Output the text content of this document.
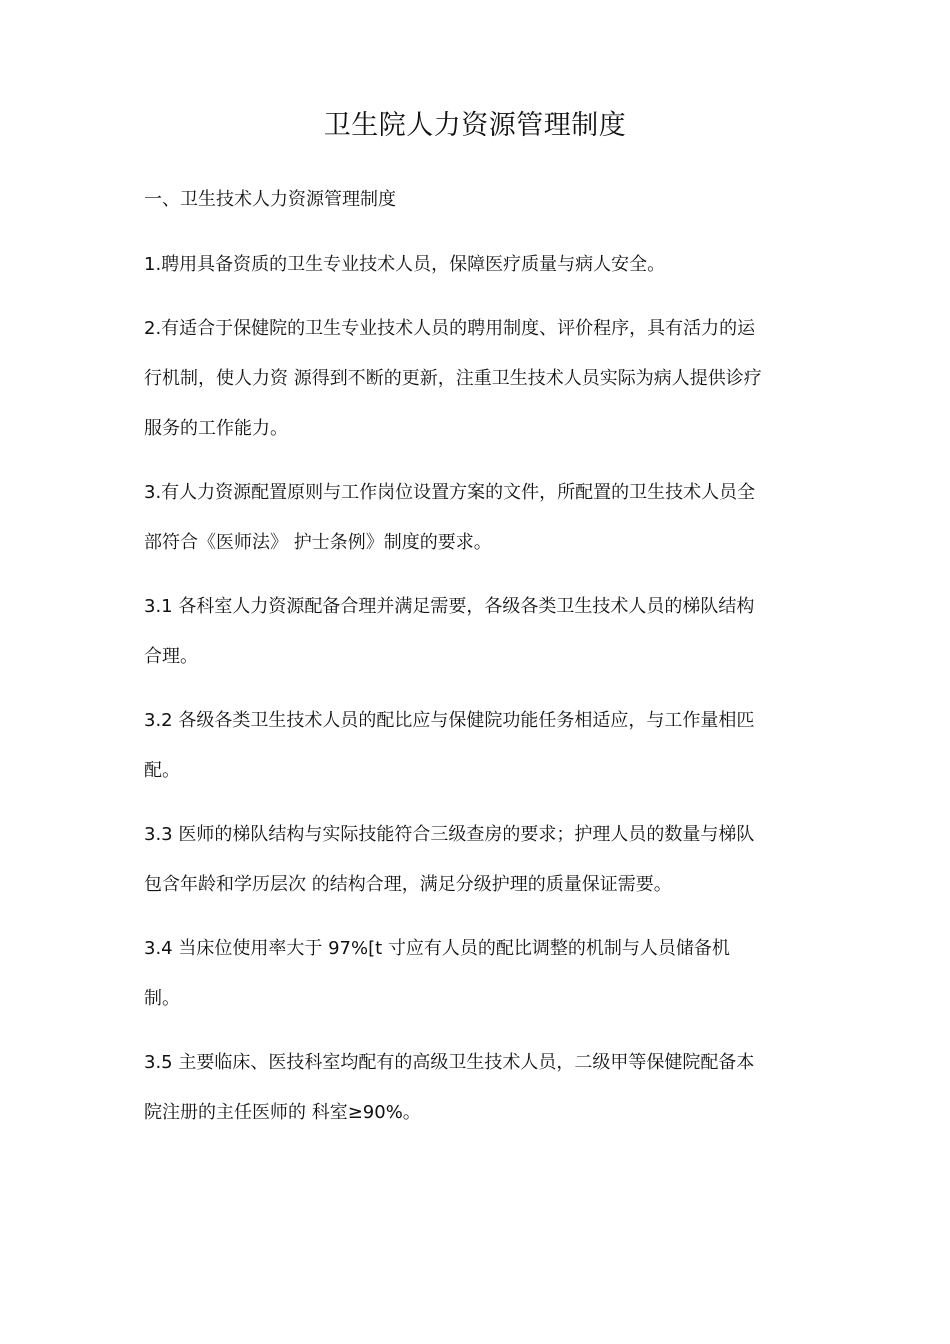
卫生院人力资源管理制度

一、卫生技术人力资源管理制度

1.聘用具备资质的卫生专业技术人员，保障医疗质量与病人安全。

2.有适合于保健院的卫生专业技术人员的聘用制度、评价程序，具有活力的运

行机制，使人力资 源得到不断的更新，注重卫生技术人员实际为病人提供诊疗

服务的工作能力。

3.有人力资源配置原则与工作岗位设置方案的文件，所配置的卫生技术人员全

部符合《医师法》 护士条例》制度的要求。

3.1 各科室人力资源配备合理并满足需要，各级各类卫生技术人员的梯队结构

合理。

3.2 各级各类卫生技术人员的配比应与保健院功能任务相适应，与工作量相匹

配。

3.3 医师的梯队结构与实际技能符合三级查房的要求；护理人员的数量与梯队

包含年龄和学历层次 的结构合理，满足分级护理的质量保证需要。

3.4 当床位使用率大于 97%[t 寸应有人员的配比调整的机制与人员储备机

制。

3.5 主要临床、医技科室均配有的高级卫生技术人员，二级甲等保健院配备本

院注册的主任医师的 科室≥90%。
